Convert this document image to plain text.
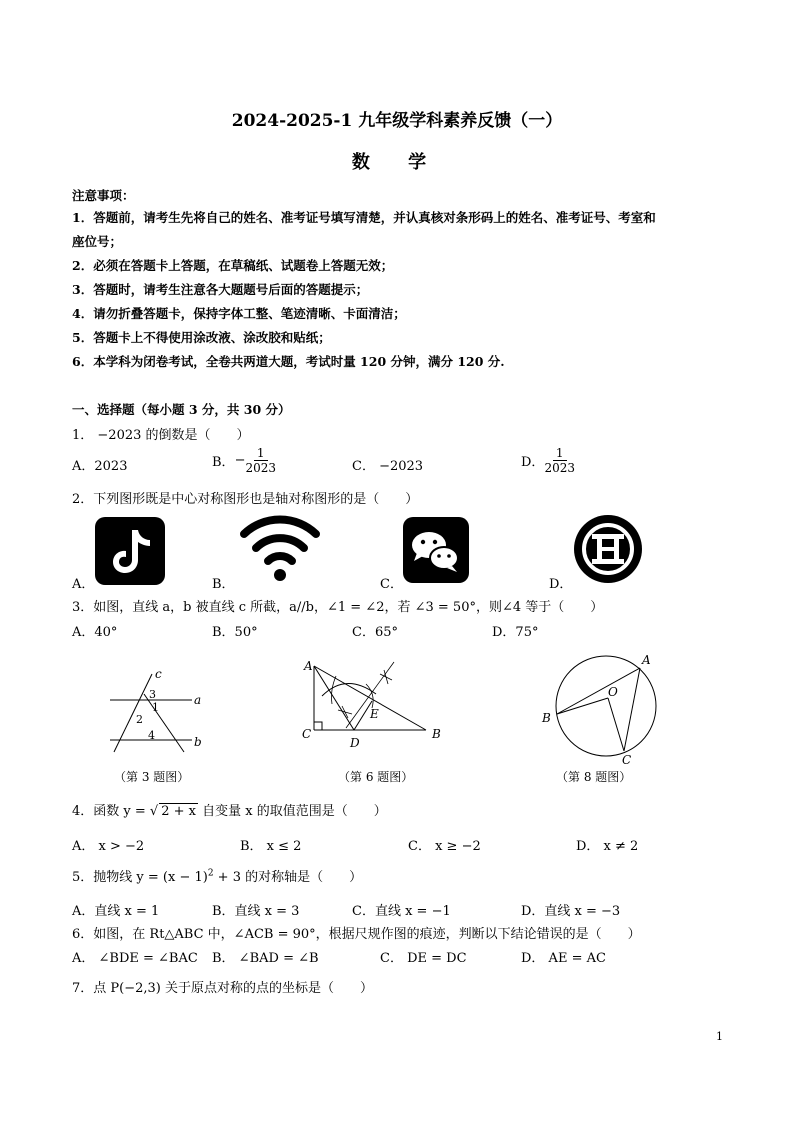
2024-2025-1 九年级学科素养反馈（一）
数 学
注意事项：
1．答题前，请考生先将自己的姓名、准考证号填写清楚，并认真核对条形码上的姓名、准考证号、考室和
座位号；
2．必须在答题卡上答题，在草稿纸、试题卷上答题无效；
3．答题时，请考生注意各大题题号后面的答题提示；
4．请勿折叠答题卡，保持字体工整、笔迹清晰、卡面清洁；
5．答题卡上不得使用涂改液、涂改胶和贴纸；
6．本学科为闭卷考试，全卷共两道大题，考试时量 120 分钟，满分 120 分.
一、选择题（每小题 3 分，共 30 分）
1． −2023 的倒数是（　　）
A．2023	B．− $\frac{1}{2023}$	C． −2023	D． $\frac{1}{2023}$
2．下列图形既是中心对称图形也是轴对称图形的是（　　）
A．	B．	C．	D．
3．如图，直线 a，b 被直线 c 所截，a//b，∠1 = ∠2，若 ∠3 = 50°，则∠4 等于（　　）
A．40°	B．50°	C．65°	D．75°
c
a
b
3
1
2
4
（第 3 题图）
A
C
D
B
E
（第 6 题图）
A
B
C
O
（第 8 题图）
4．函数 y = √ 2 + x 自变量 x 的取值范围是（　　）
A． x > −2	B． x ≤ 2	C． x ≥ −2	D． x ≠ 2
5．抛物线 $y = (x - 1)^2 + 3$ 的对称轴是（　　）
A．直线 x = 1	B．直线 x = 3	C．直线 x = −1	D．直线 x = −3
6．如图，在 Rt△ABC 中，∠ACB = 90°，根据尺规作图的痕迹，判断以下结论错误的是（　　）
A． ∠BDE = ∠BAC B． ∠BAD = ∠B	C． DE = DC	D． AE = AC
7．点 P(−2,3) 关于原点对称的点的坐标是（　　）
1
